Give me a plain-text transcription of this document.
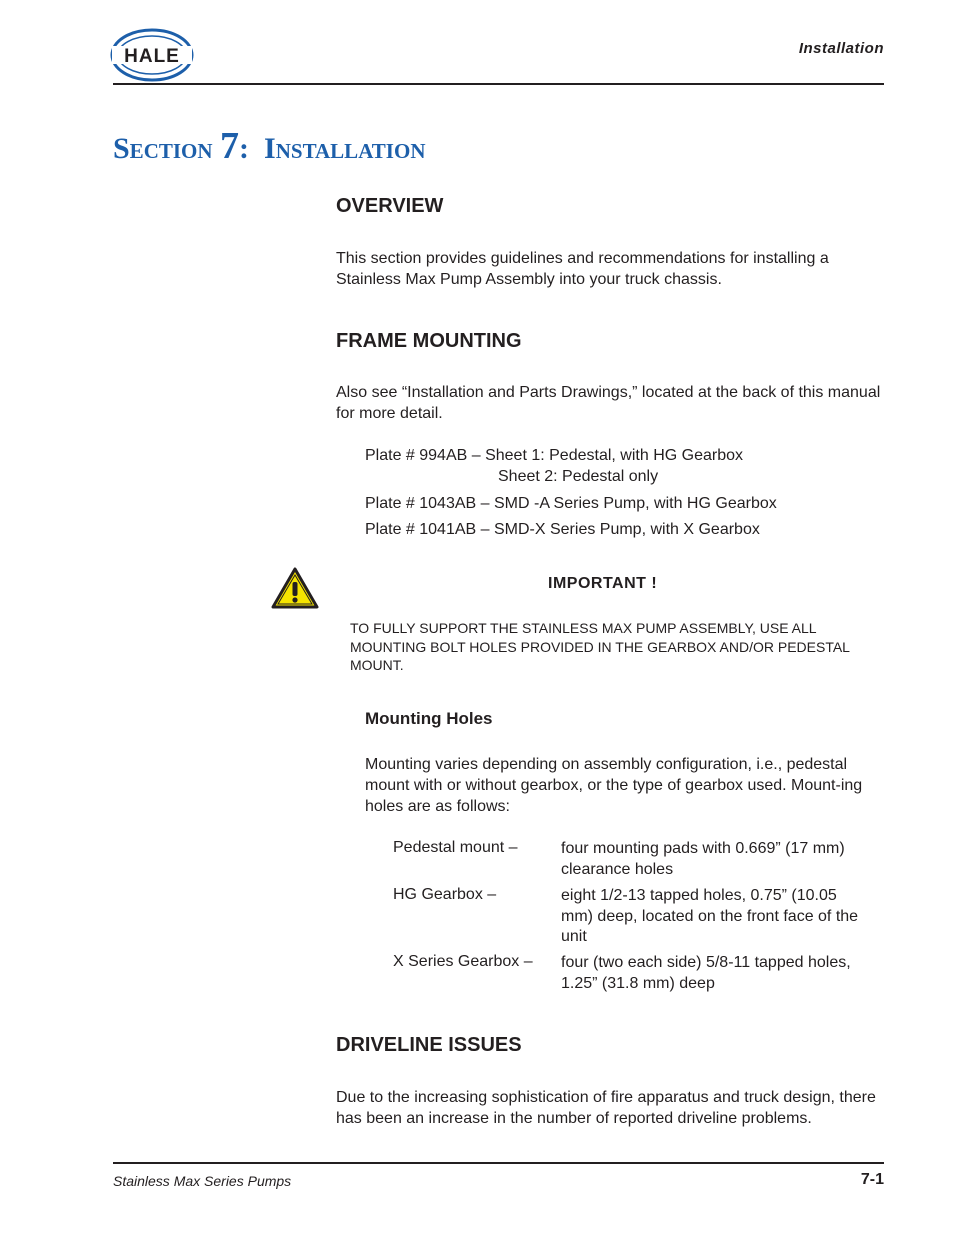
HALE	Installation
Section 7: Installation
OVERVIEW

This section provides guidelines and recommendations for installing a Stainless Max Pump Assembly into your truck chassis.

FRAME MOUNTING

Also see “Installation and Parts Drawings,” located at the back of this manual for more detail.

Plate # 994AB – Sheet 1: Pedestal, with HG Gearbox
Sheet 2: Pedestal only
Plate # 1043AB – SMD -A Series Pump, with HG Gearbox
Plate # 1041AB – SMD-X Series Pump, with X Gearbox
IMPORTANT !
TO FULLY SUPPORT THE STAINLESS MAX PUMP ASSEMBLY, USE ALL MOUNTING BOLT HOLES PROVIDED IN THE GEARBOX AND/OR PEDESTAL MOUNT.
Mounting Holes

Mounting varies depending on assembly configuration, i.e., pedestal mount with or without gearbox, or the type of gearbox used. Mount-ing holes are as follows:

Pedestal mount –	four mounting pads with 0.669” (17 mm) clearance holes
HG Gearbox –	eight 1/2-13 tapped holes, 0.75” (10.05 mm) deep, located on the front face of the unit
X Series Gearbox – four (two each side) 5/8-11 tapped holes, 1.25” (31.8 mm) deep
DRIVELINE ISSUES

Due to the increasing sophistication of fire apparatus and truck design, there has been an increase in the number of reported driveline problems.

Stainless Max Series Pumps	7-1
